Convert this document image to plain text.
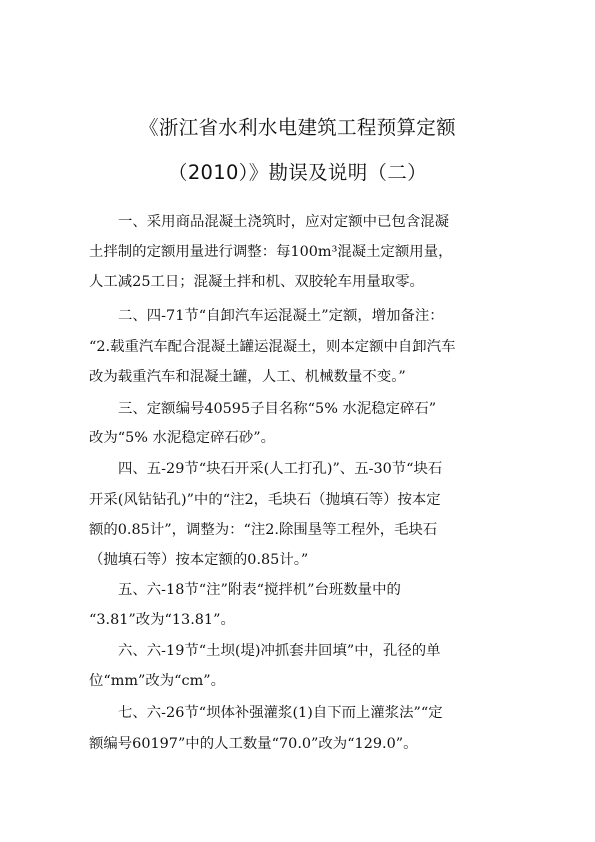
《浙江省水利水电建筑工程预算定额
（2010）》勘误及说明（二）
一、采用商品混凝土浇筑时，应对定额中已包含混凝
土拌制的定额用量进行调整：每100m³混凝土定额用量，
人工减25工日；混凝土拌和机、双胶轮车用量取零。
二、四-71节“自卸汽车运混凝土”定额，增加备注：
“2.载重汽车配合混凝土罐运混凝土，则本定额中自卸汽车
改为载重汽车和混凝土罐，人工、机械数量不变。”
三、定额编号40595子目名称“5% 水泥稳定碎石”
改为“5% 水泥稳定碎石砂”。
四、五-29节“块石开采(人工打孔)”、五-30节“块石
开采(风钻钻孔)”中的“注2，毛块石（抛填石等）按本定
额的0.85计”，调整为：“注2.除围垦等工程外，毛块石
（抛填石等）按本定额的0.85计。”
五、六-18节“注”附表“搅拌机”台班数量中的
“3.81”改为“13.81”。
六、六-19节“土坝(堤)冲抓套井回填”中，孔径的单
位“mm”改为“cm”。
七、六-26节“坝体补强灌浆(1)自下而上灌浆法”“定
额编号60197”中的人工数量“70.0”改为“129.0”。
